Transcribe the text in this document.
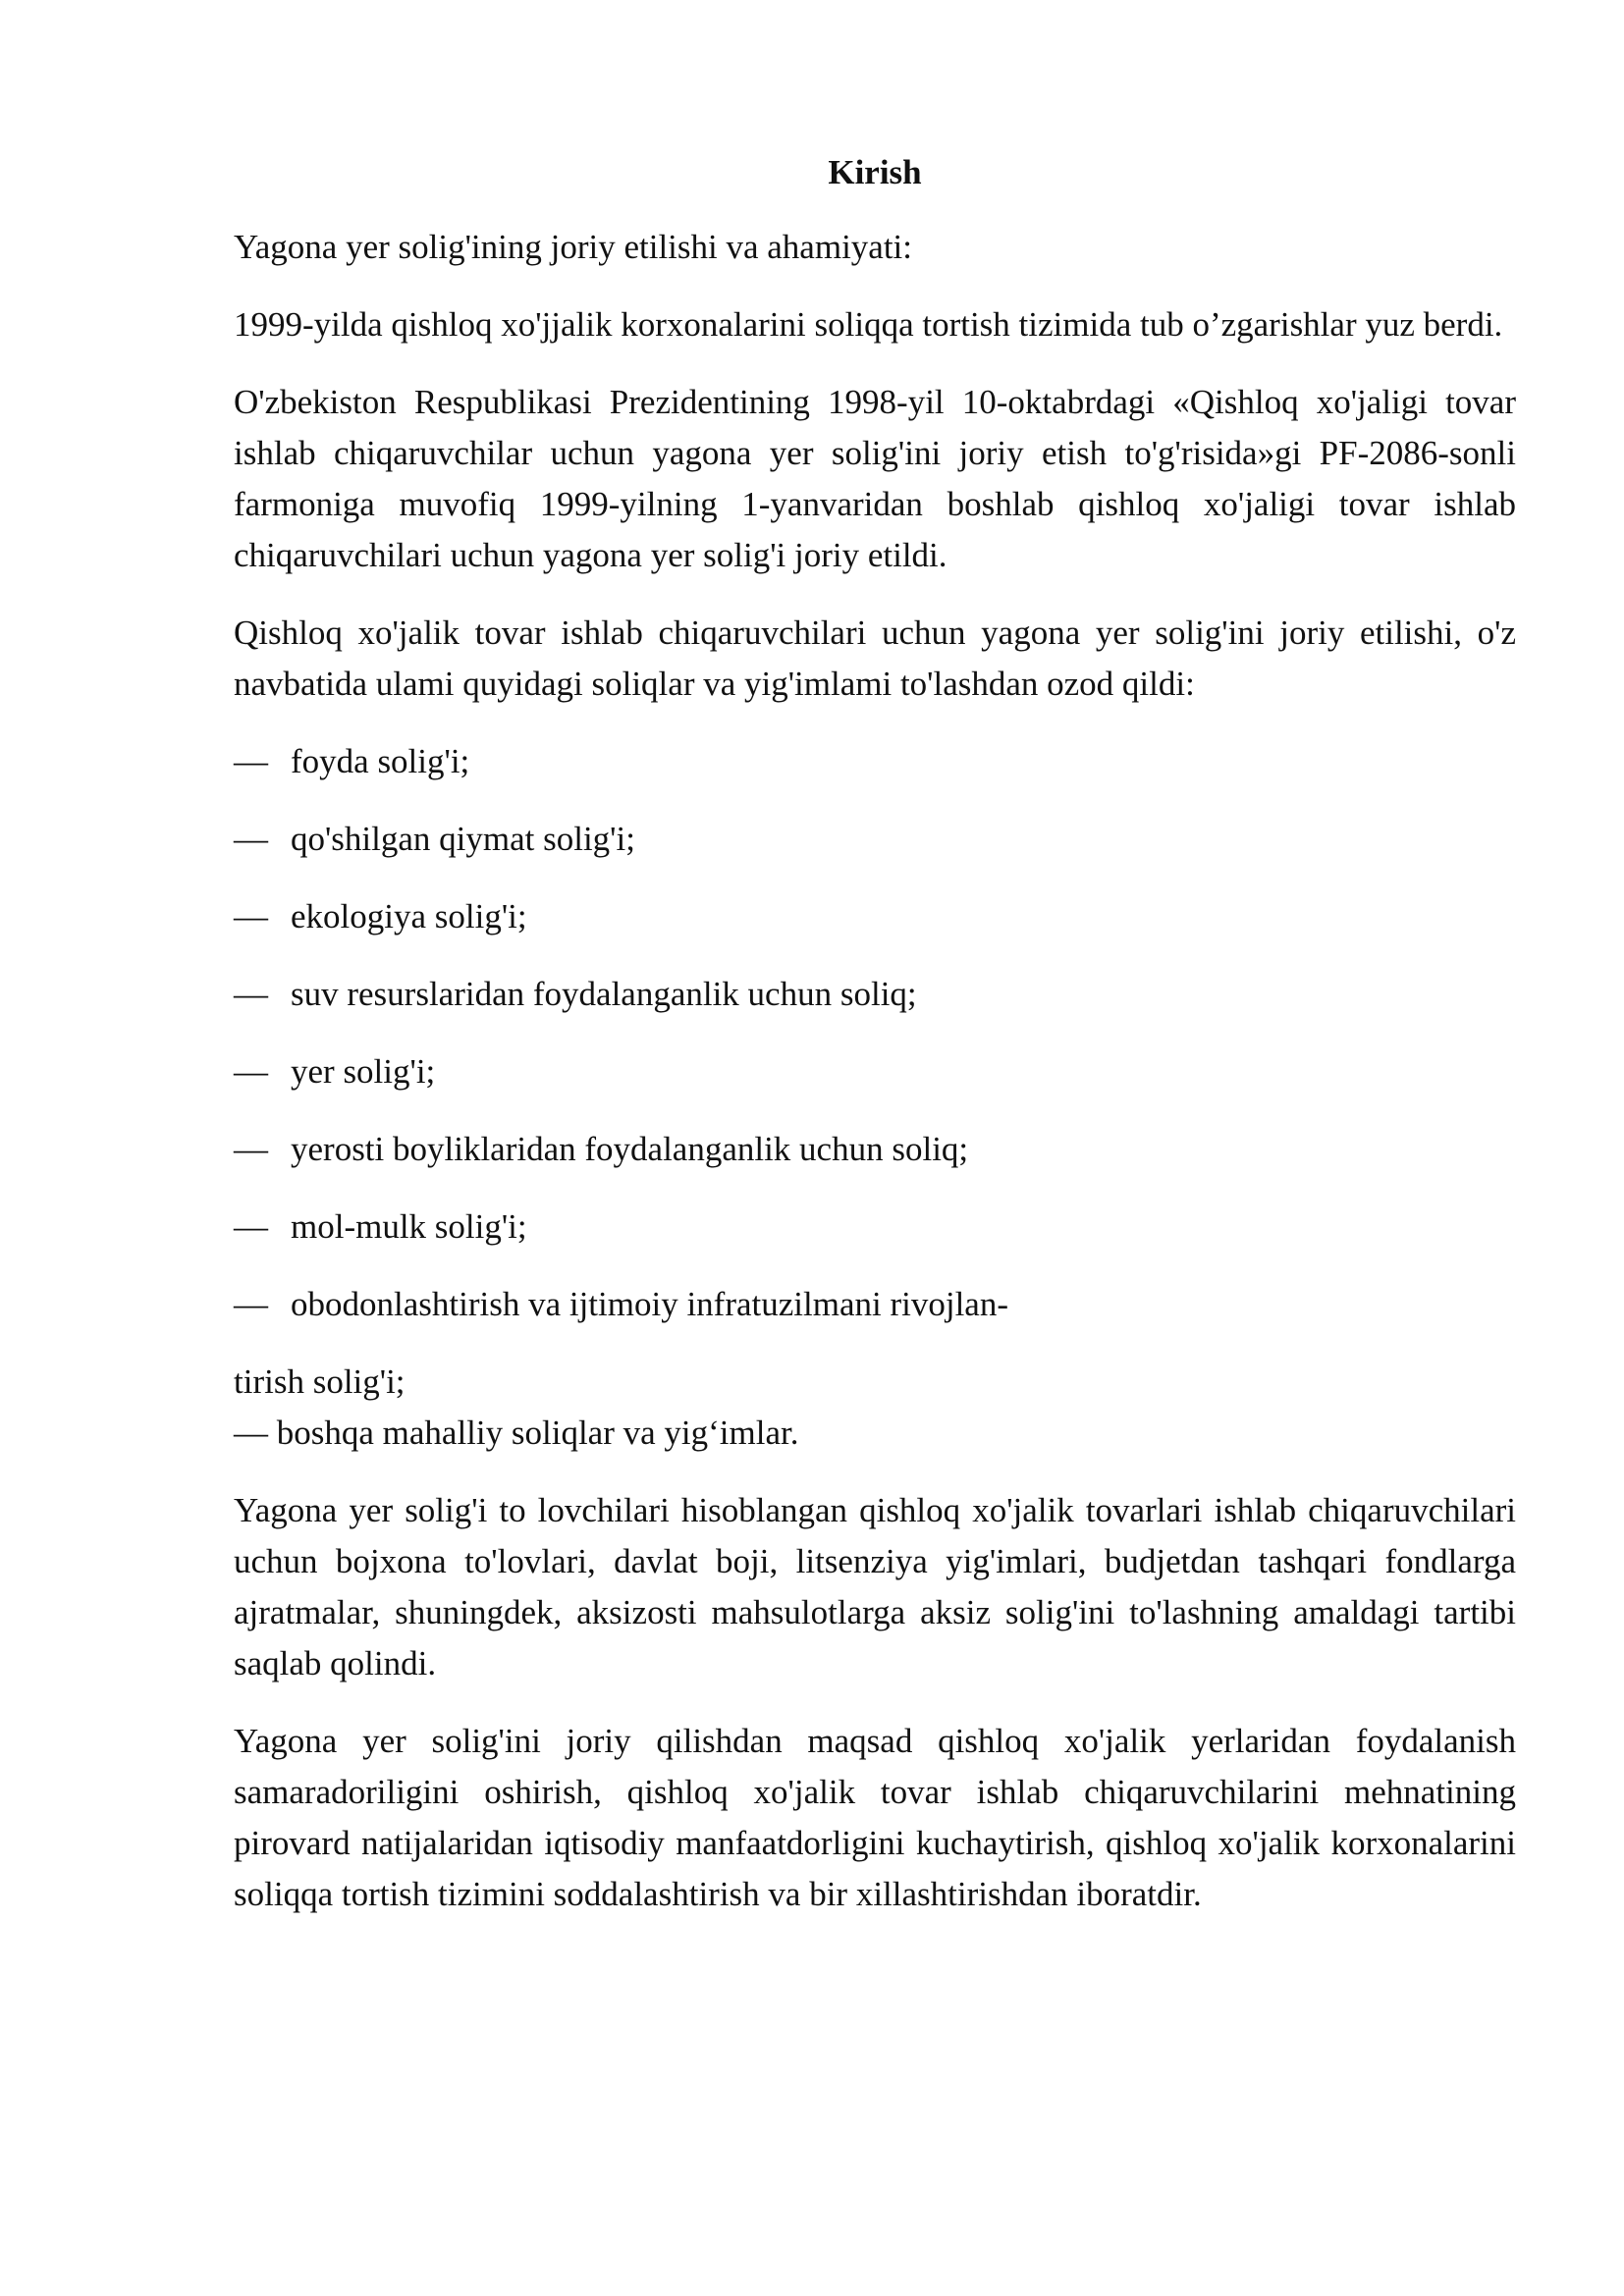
Kirish

Yagona yer solig'ining joriy etilishi va ahamiyati:

1999-yilda qishloq xo'jjalik korxonalarini soliqqa tortish tizimida tub o’zgarishlar yuz berdi.

O'zbekiston Respublikasi Prezidentining 1998-yil 10-oktabrdagi «Qishloq xo'jaligi tovar ishlab chiqaruvchilar uchun yagona yer solig'ini joriy etish to'g'risida»gi PF-2086-sonli farmoniga muvofiq 1999-yilning 1-yanvaridan boshlab qishloq xo'jaligi tovar ishlab chiqaruvchilari uchun yagona yer solig'i joriy etildi.

Qishloq xo'jalik tovar ishlab chiqaruvchilari uchun yagona yer solig'ini joriy etilishi, o'z navbatida ulami quyidagi soliqlar va yig'imlami to'lashdan ozod qildi:

— foyda solig'i;
— qo'shilgan qiymat solig'i;
— ekologiya solig'i;
— suv resurslaridan foydalanganlik uchun soliq;
— yer solig'i;
— yerosti boyliklaridan foydalanganlik uchun soliq;
— mol-mulk solig'i;
— obodonlashtirish va ijtimoiy infratuzilmani rivojlan-
tirish solig'i;
— boshqa mahalliy soliqlar va yig‘imlar.

Yagona yer solig'i to lovchilari hisoblangan qishloq xo'jalik tovarlari ishlab chiqaruvchilari uchun bojxona to'lovlari, davlat boji, litsenziya yig'imlari, budjetdan tashqari fondlarga ajratmalar, shuningdek, aksizosti mahsulotlarga aksiz solig'ini to'lashning amaldagi tartibi saqlab qolindi.

Yagona yer solig'ini joriy qilishdan maqsad qishloq xo'jalik yerlaridan foydalanish samaradoriligini oshirish, qishloq xo'jalik tovar ishlab chiqaruvchilarini mehnatining pirovard natijalaridan iqtisodiy manfaatdorligini kuchaytirish, qishloq xo'jalik korxonalarini soliqqa tortish tizimini soddalashtirish va bir xillashtirishdan iboratdir.
